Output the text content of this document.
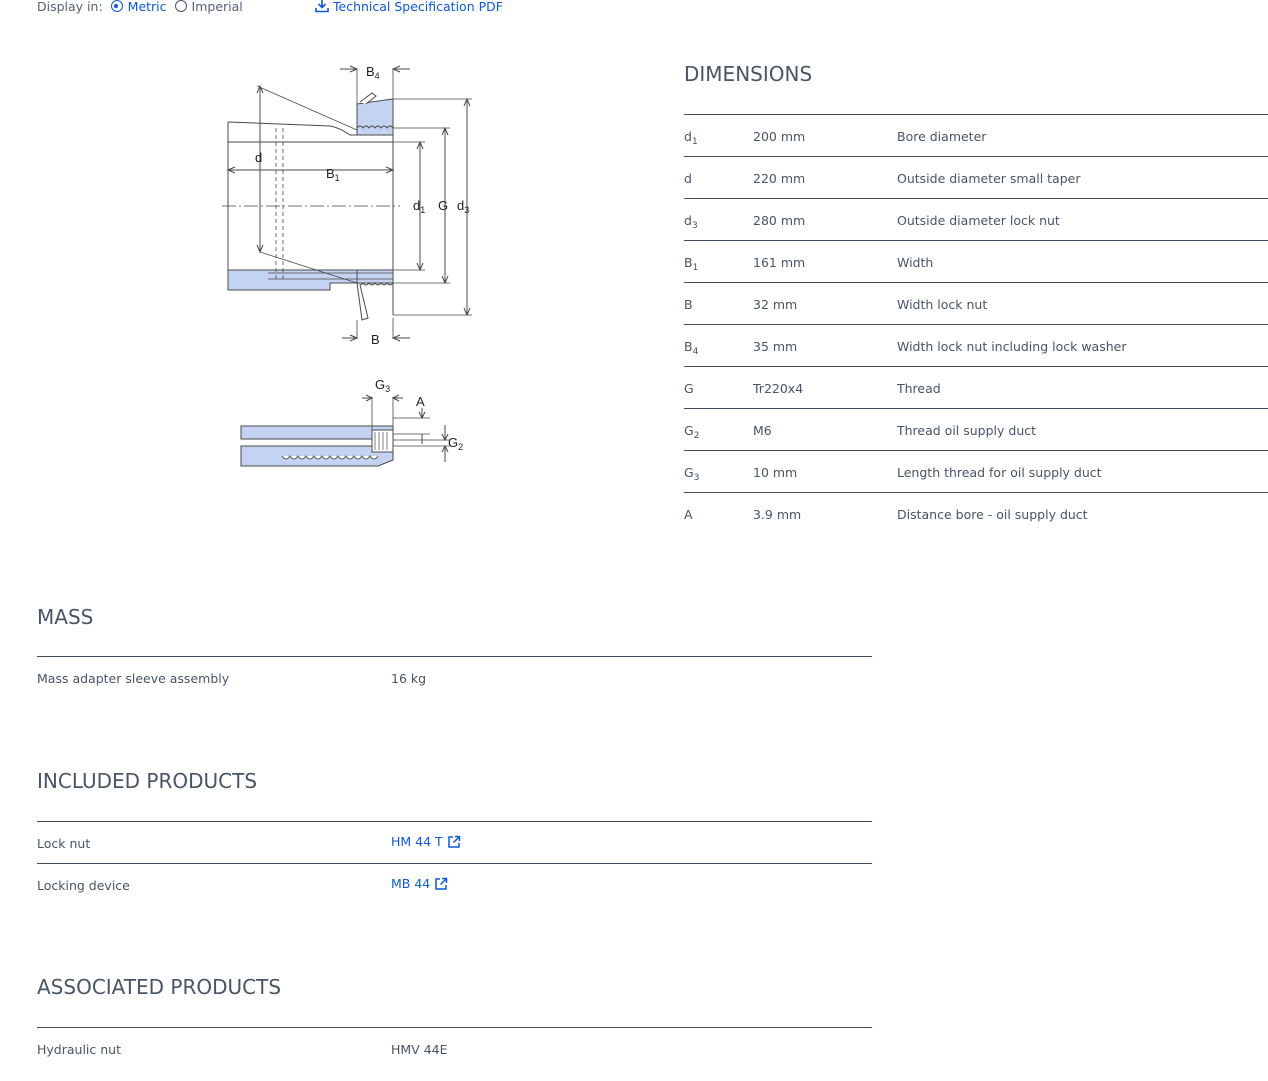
Display in: Metric Imperial	Technical Specification PDF
$B_4$
d
$B_1$
$d_1$ G $d_3$
B
$G_3$
A
$G_2$
DIMENSIONS
$d_1$	200 mm	Bore diameter
d	220 mm	Outside diameter small taper
$d_3$	280 mm	Outside diameter lock nut
$B_1$	161 mm	Width
B	32 mm	Width lock nut
$B_4$	35 mm	Width lock nut including lock washer
G	Tr220x4	Thread
$G_2$	M6	Thread oil supply duct
$G_3$	10 mm	Length thread for oil supply duct
A	3.9 mm	Distance bore - oil supply duct
MASS
Mass adapter sleeve assembly	16 kg
INCLUDED PRODUCTS
Lock nut	HM 44 T
Locking device	MB 44
ASSOCIATED PRODUCTS
Hydraulic nut	HMV 44E
